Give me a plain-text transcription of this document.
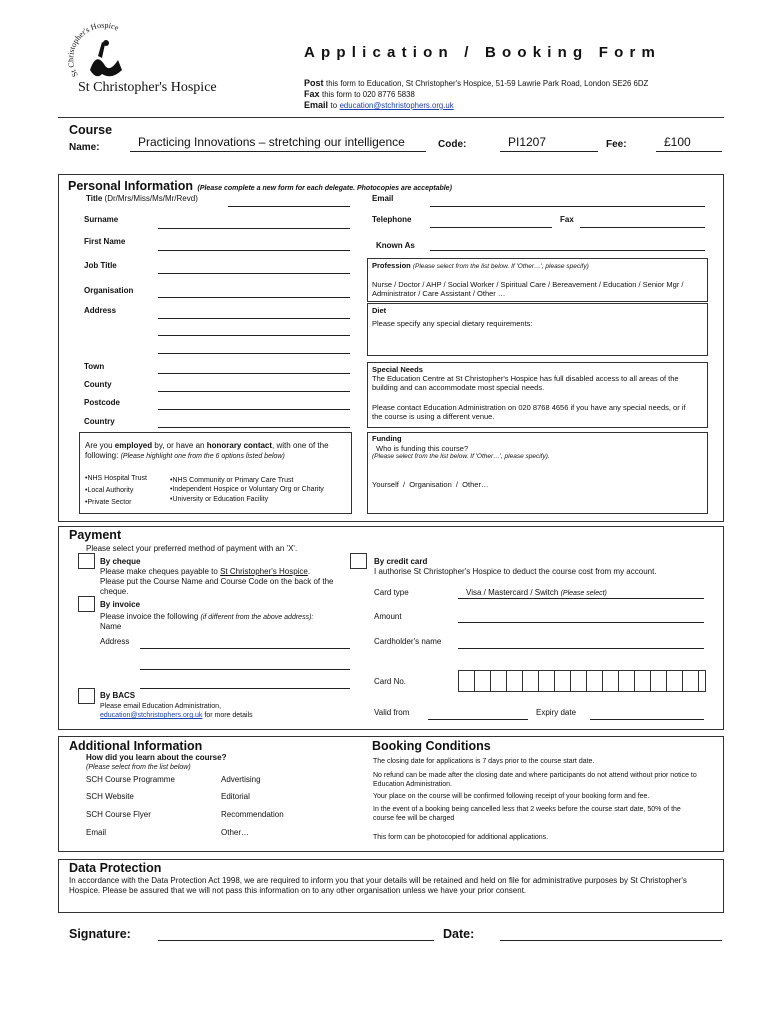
St topher's Hospice
St Christopher's Hospice
Application / Booking Form
Post this form to Education, St Christopher's Hospice, 51-59 Lawrie Park Road, London SE26 6DZ
Fax this form to 020 8776 5838
Email to education@stchristophers.org.uk
Course
Name:	Practicing Innovations – stretching our intelligence	Code:	PI1207	Fee:	£100
Personal Information (Please complete a new form for each delegate. Photocopies are acceptable)
Title (Dr/Mrs/Miss/Ms/Mr/Revd)
Surname
First Name
Job Title
Organisation
Address
Town
County
Postcode
Country
Are you employed by, or have an honorary contact, with one of the following: (Please highlight one from the 6 options listed below)
•NHS Hospital Trust
•Local Authority
•Private Sector
•NHS Community or Primary Care Trust
•Independent Hospice or Voluntary Org or Charity
•University or Education Facility
Email
Telephone	Fax
Known As
Profession (Please select from the list below. If 'Other…', please specify)
Nurse / Doctor / AHP / Social Worker / Spiritual Care / Bereavement / Education / Senior Mgr / Administrator / Care Assistant / Other …
Diet
Please specify any special dietary requirements:
Special Needs
The Education Centre at St Christopher's Hospice has full disabled access to all areas of the building and can accommodate most special needs.
Please contact Education Administration on 020 8768 4656 if you have any special needs, or if the course is using a different venue.
Funding
Who is funding this course?
(Please select from the list below. If 'Other…', please specify).
Yourself  /  Organisation  /  Other…
Payment
Please select your preferred method of payment with an 'X'.
By cheque
Please make cheques payable to St Christopher's Hospice.
Please put the Course Name and Course Code on the back of the cheque.
By invoice
Please invoice the following (if different from the above address):
Name
Address
By BACS
Please email Education Administration,
education@stchristophers.org.uk for more details
By credit card
I authorise St Christopher's Hospice to deduct the course cost from my account.
Card type	Visa / Mastercard / Switch (Please select)
Amount
Cardholder's name
Card No.
Valid from	Expiry date
Additional Information
How did you learn about the course?
(Please select from the list below)
SCH Course Programme	Advertising
SCH Website	Editorial
SCH Course Flyer	Recommendation
Email	Other…
Booking Conditions
The closing date for applications is 7 days prior to the course start date.
No refund can be made after the closing date and where participants do not attend without prior notice to Education Administration.
Your place on the course will be confirmed following receipt of your booking form and fee.
In the event of a booking being cancelled less that 2 weeks before the course start date, 50% of the course fee will be charged
This form can be photocopied for additional applications.
Data Protection
In accordance with the Data Protection Act 1998, we are required to inform you that your details will be retained and held on file for administrative purposes by St Christopher's Hospice. Please be assured that we will not pass this information on to any other organisation unless we have your prior consent.
Signature:	Date:
